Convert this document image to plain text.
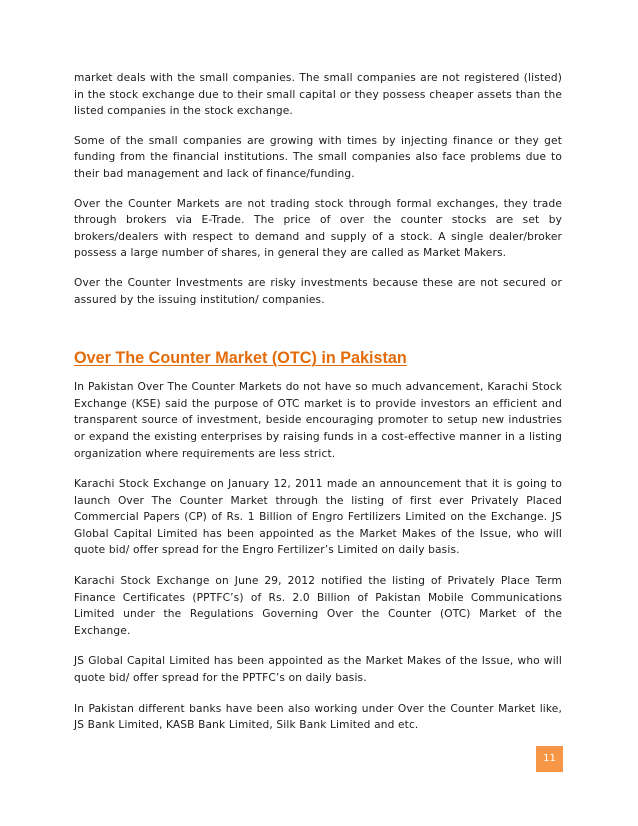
market deals with the small companies. The small companies are not registered (listed) in the stock exchange due to their small capital or they possess cheaper assets than the listed companies in the stock exchange.

Some of the small companies are growing with times by injecting finance or they get funding from the financial institutions. The small companies also face problems due to their bad management and lack of finance/funding.

Over the Counter Markets are not trading stock through formal exchanges, they trade through brokers via E-Trade. The price of over the counter stocks are set by brokers/dealers with respect to demand and supply of a stock. A single dealer/broker possess a large number of shares, in general they are called as Market Makers.

Over the Counter Investments are risky investments because these are not secured or assured by the issuing institution/ companies.

Over The Counter Market (OTC) in Pakistan

In Pakistan Over The Counter Markets do not have so much advancement, Karachi Stock Exchange (KSE) said the purpose of OTC market is to provide investors an efficient and transparent source of investment, beside encouraging promoter to setup new industries or expand the existing enterprises by raising funds in a cost-effective manner in a listing organization where requirements are less strict.

Karachi Stock Exchange on January 12, 2011 made an announcement that it is going to launch Over The Counter Market through the listing of first ever Privately Placed Commercial Papers (CP) of Rs. 1 Billion of Engro Fertilizers Limited on the Exchange. JS Global Capital Limited has been appointed as the Market Makes of the Issue, who will quote bid/ offer spread for the Engro Fertilizer’s Limited on daily basis.

Karachi Stock Exchange on June 29, 2012 notified the listing of Privately Place Term Finance Certificates (PPTFC’s) of Rs. 2.0 Billion of Pakistan Mobile Communications Limited under the Regulations Governing Over the Counter (OTC) Market of the Exchange.

JS Global Capital Limited has been appointed as the Market Makes of the Issue, who will quote bid/ offer spread for the PPTFC’s on daily basis.

In Pakistan different banks have been also working under Over the Counter Market like, JS Bank Limited, KASB Bank Limited, Silk Bank Limited and etc.

11
